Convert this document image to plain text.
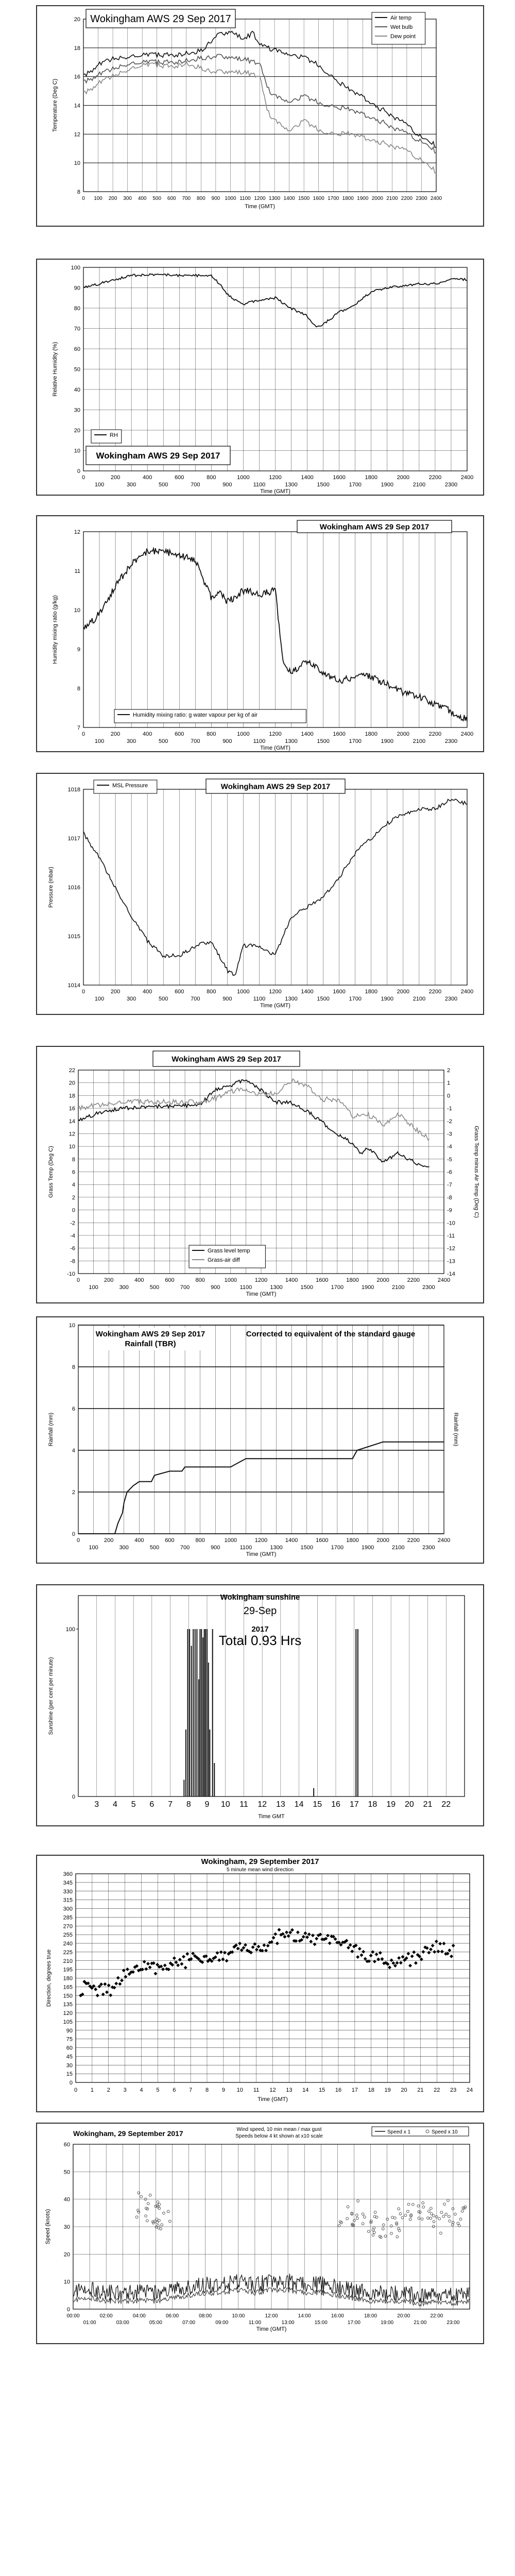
8
10
12
14
16
18
20
0 100 200 300 400 500 600 700 800 900 1000 1100 1200 1300 1400 1500 1600 1700 1800 1900 2000 2100 2200 2300 2400
Time (GMT)
Temperature (Deg C)
Wokingham AWS 29 Sep 2017	Air temp
Wet bulb
Dew point
0
10
20
30
40
50
60
70
80
90
100
0	200	400	600	800	1000	1200	1400	1600	1800	2000	2200	2400
100	300	500	700	900	1100	1300	1500	1700	1900	2100	2300
Time (GMT)
Relative Humidity (%)
RH
Wokingham AWS 29 Sep 2017
7
8
9
10
11
12
0	200	400	600	800	1000	1200	1400	1600	1800	2000	2200	2400
100	300	500	700	900	1100	1300	1500	1700	1900	2100	2300
Time (GMT)
Humidity mixing ratio (g/kg)
Wokingham AWS 29 Sep 2017
Humidity mixing ratio: g water vapour per kg of air
1014
1015
1016
1017
1018
0	200	400	600	800	1000	1200	1400	1600	1800	2000	2200	2400
100	300	500	700	900	1100	1300	1500	1700	1900	2100	2300
Time (GMT)
Pressure (mbar)
MSL Pressure	Wokingham AWS 29 Sep 2017
-10
-8
-6
-4
-2
0
2
4
6
8
10
12
14
16
18
20
22
-14
-13
-12
-11
-10
-9
-8
-7
-6
-5
-4
-3
-2
-1
0
1
2
0	200	400	600	800	1000	1200	1400	1600	1800	2000	2200	2400
100	300	500	700	900	1100	1300	1500	1700	1900	2100	2300
Time (GMT)
Grass Temp (Deg C)	Grass Temp minus Air Temp (Deg C)
Wokingham AWS 29 Sep 2017
Grass level temp
Grass-air diff
0
2
4
6
8
10
0	200	400	600	800	1000	1200	1400	1600	1800	2000	2200	2400
100	300	500	700	900	1100	1300	1500	1700	1900	2100	2300
Time (GMT)
Rainfall (mm)	Rainfall (mm)
Wokingham AWS 29 Sep 2017
Rainfall (TBR)
Corrected to equivalent of the standard gauge
0
100
3 4 5 6 7 8 9 10 11 12 13 14 15 16 17 18 19 20 21 22
Time GMT
Sunshine (per cent per minute)
Wokingham sunshine
29-Sep
2017
Total 0.93 Hrs
0
15
30
45
60
75
90
105
120
135
150
165
180
195
210
225
240
255
270
285
300
315
330
345
360
0 1 2 3 4 5 6 7 8 9 10 11 12 13 14 15 16 17 18 19 20 21 22 23 24
Time (GMT)
Direction, degrees true
Wokingham, 29 September 2017
5 minute mean wind direction
0
10
20
30
40
50
60
00:00	02:00	04:00	06:00	08:00	10:00	12:00	14:00	16:00	18:00	20:00	22:00
01:00	03:00	05:00	07:00	09:00	11:00	13:00	15:00	17:00	19:00	21:00	23:00
Time (GMT)
Speed (knots)
Wokingham, 29 September 2017	Wind speed, 10 min mean / max gust
Speeds below 4 kt shown at x10 scale
Speed x 1	Speed x 10
